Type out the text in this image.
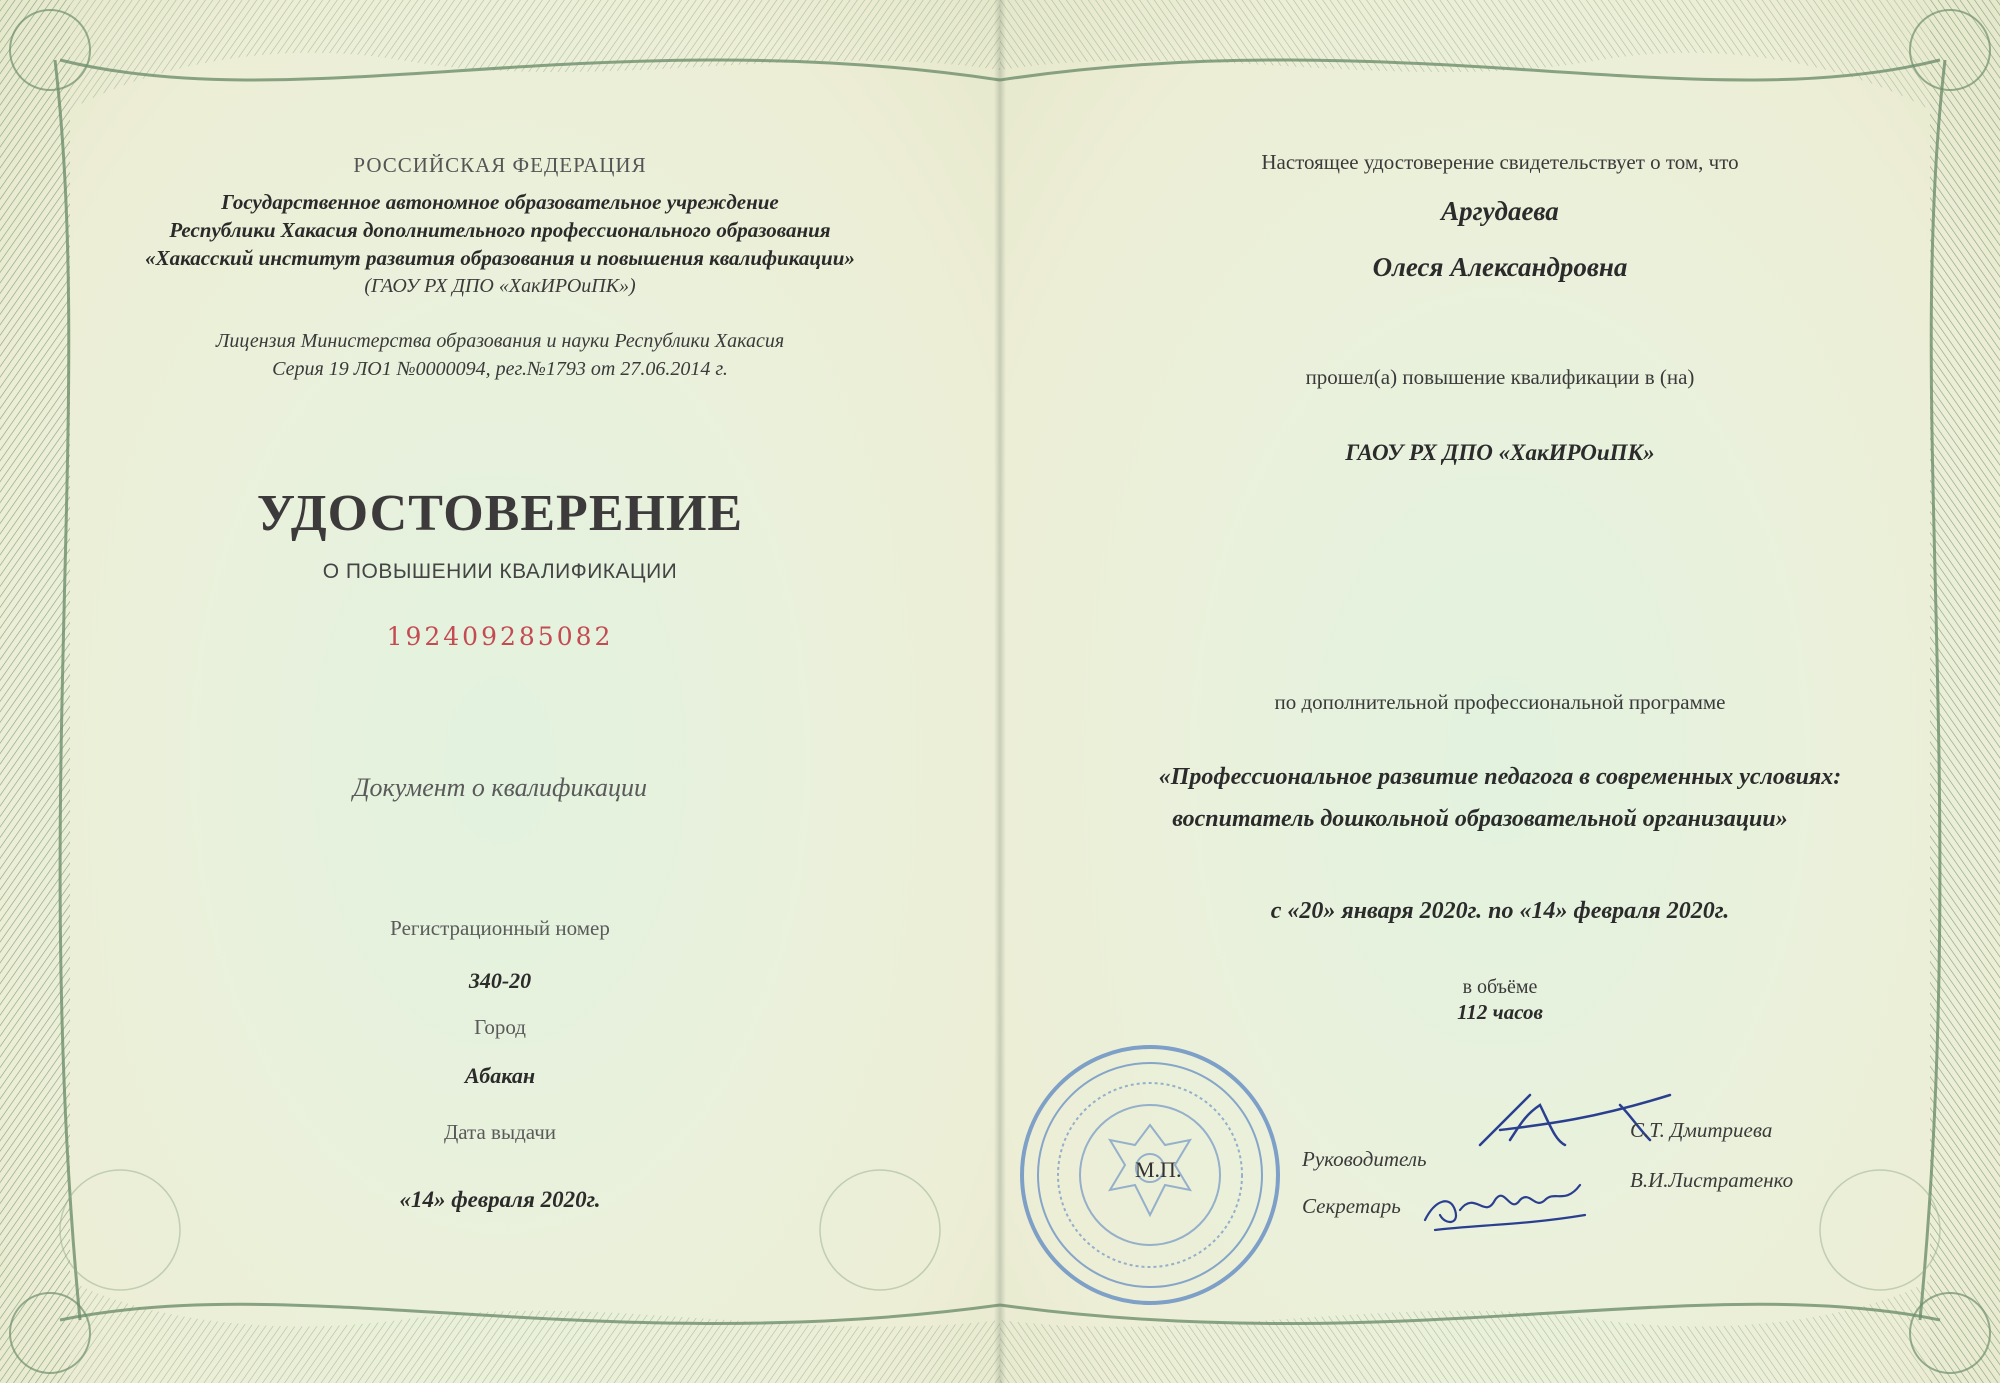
РОССИЙСКАЯ ФЕДЕРАЦИЯ
Государственное автономное образовательное учреждение
Республики Хакасия дополнительного профессионального образования
«Хакасский институт развития образования и повышения квалификации»
(ГАОУ РХ ДПО «ХакИРОиПК»)
Лицензия Министерства образования и науки Республики Хакасия
Серия 19 ЛО1 №0000094, рег.№1793 от 27.06.2014 г.
УДОСТОВЕРЕНИЕ
О ПОВЫШЕНИИ КВАЛИФИКАЦИИ
192409285082
Документ о квалификации
Регистрационный номер
340-20
Город
Абакан
Дата выдачи
«14» февраля 2020г.
Настоящее удостоверение свидетельствует о том, что
Аргудаева
Олеся Александровна
прошел(а) повышение квалификации в (на)
ГАОУ РХ ДПО «ХакИРОиПК»
по дополнительной профессиональной программе
«Профессиональное развитие педагога в современных условиях:
воспитатель дошкольной образовательной организации»
с «20» января 2020г. по «14» февраля 2020г.
в объёме
112 часов
М.П.	Руководитель
Секретарь
С.Т. Дмитриева
В.И.Листратенко
